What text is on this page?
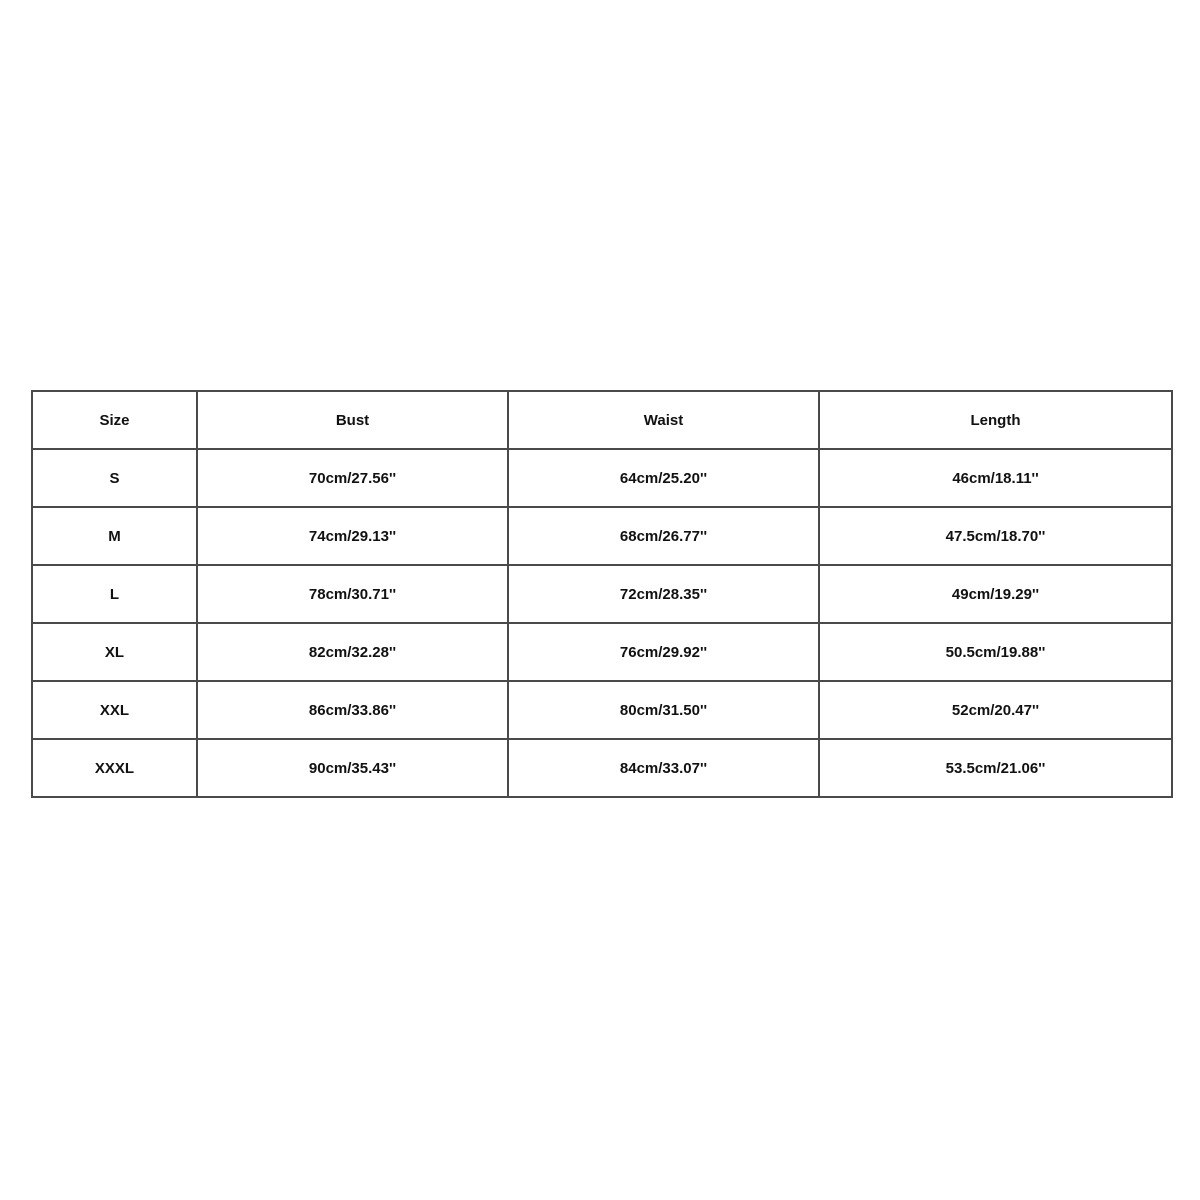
Size	Bust	Waist	Length
S	70cm/27.56''	64cm/25.20''	46cm/18.11''
M	74cm/29.13''	68cm/26.77''	47.5cm/18.70''
L	78cm/30.71''	72cm/28.35''	49cm/19.29''
XL	82cm/32.28''	76cm/29.92''	50.5cm/19.88''
XXL	86cm/33.86''	80cm/31.50''	52cm/20.47''
XXXL	90cm/35.43''	84cm/33.07''	53.5cm/21.06''
